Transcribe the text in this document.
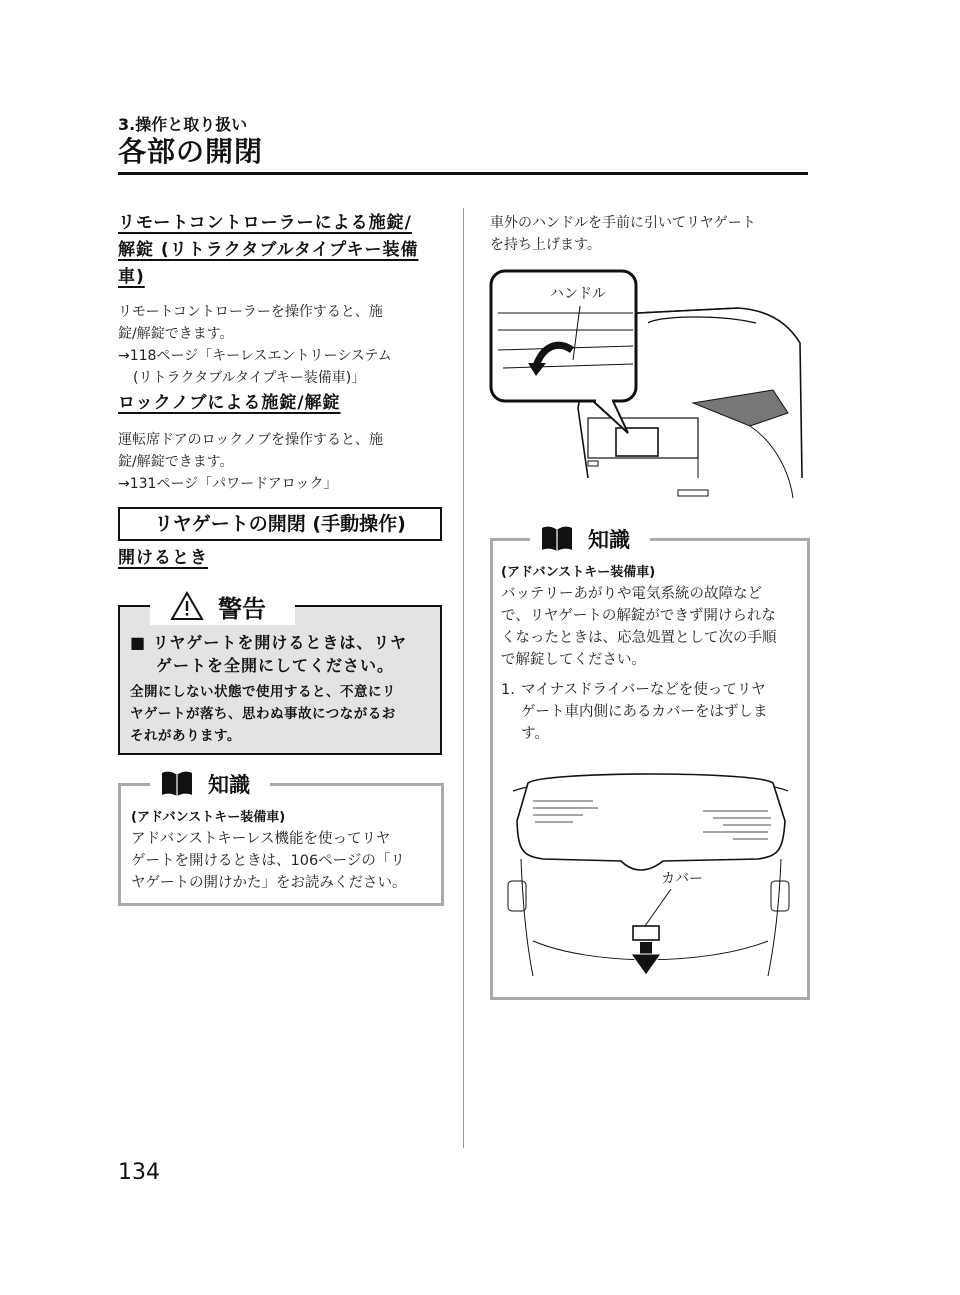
3.操作と取り扱い
各部の開閉
リモートコントローラーによる施錠/
解錠 (リトラクタブルタイプキー装備
車)
リモートコントローラーを操作すると、施
錠/解錠できます。
→118ページ「キーレスエントリーシステム
(リトラクタブルタイプキー装備車)」
ロックノブによる施錠/解錠
運転席ドアのロックノブを操作すると、施
錠/解錠できます。
→131ページ「パワードアロック」
リヤゲートの開閉 (手動操作)
開けるとき
■ リヤゲートを開けるときは、リヤ
ゲートを全開にしてください。
全開にしない状態で使用すると、不意にリ
ヤゲートが落ち、思わぬ事故につながるお
それがあります。
警告
(アドバンストキー装備車)
アドバンストキーレス機能を使ってリヤ
ゲートを開けるときは、106ページの「リ
ヤゲートの開けかた」をお読みください。
知識
車外のハンドルを手前に引いてリヤゲート
を持ち上げます。
ハンドル
(アドバンストキー装備車)
バッテリーあがりや電気系統の故障など
で、リヤゲートの解錠ができず開けられな
くなったときは、応急処置として次の手順
で解錠してください。
1. マイナスドライバーなどを使ってリヤ
ゲート車内側にあるカバーをはずしま
す。
カバー
知識
134
